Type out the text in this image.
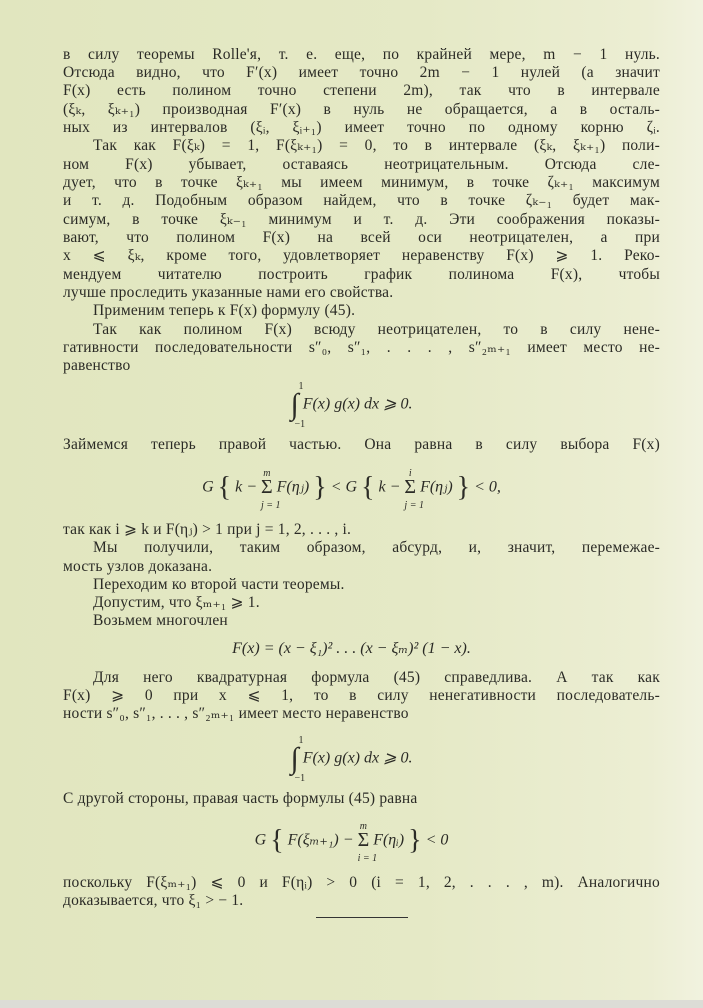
в силу теоремы Rolle'я, т. е. еще, по крайней мере, m − 1 нуль.
Отсюда видно, что F′(x) имеет точно 2m − 1 нулей (а значит
F(x) есть полином точно степени 2m), так что в интервале
(ξₖ, ξₖ₊₁) производная F′(x) в нуль не обращается, а в осталь-
ных из интервалов (ξᵢ, ξᵢ₊₁) имеет точно по одному корню ζᵢ.
Так как F(ξₖ) = 1, F(ξₖ₊₁) = 0, то в интервале (ξₖ, ξₖ₊₁) поли-
ном F(x) убывает, оставаясь неотрицательным. Отсюда сле-
дует, что в точке ξₖ₊₁ мы имеем минимум, в точке ζₖ₊₁ максимум
и т. д. Подобным образом найдем, что в точке ζₖ₋₁ будет мак-
симум, в точке ξₖ₋₁ минимум и т. д. Эти соображения показы-
вают, что полином F(x) на всей оси неотрицателен, а при
x ⩽ ξₖ, кроме того, удовлетворяет неравенству F(x) ⩾ 1. Реко-
мендуем читателю построить график полинома F(x), чтобы
лучше проследить указанные нами его свойства.
Применим теперь к F(x) формулу (45).
Так как полином F(x) всюду неотрицателен, то в силу нене-
гативности последовательности s″₀, s″₁, . . . , s″₂ₘ₊₁ имеет место не-
равенство
∫
1
−1
F(x) g(x) dx ⩾ 0.
Займемся теперь правой частью. Она равна в силу выбора F(x)
G { k − Σ
m
j = 1
F(ηⱼ) } < G { k − Σ
i
j = 1
F(ηⱼ) } < 0,
так как i ⩾ k и F(ηⱼ) > 1 при j = 1, 2, . . . , i.
Мы получили, таким образом, абсурд, и, значит, перемежае-
мость узлов доказана.
Переходим ко второй части теоремы.
Допустим, что ξₘ₊₁ ⩾ 1.
Возьмем многочлен
F(x) = (x − ξ₁)² . . . (x − ξₘ)² (1 − x).
Для него квадратурная формула (45) справедлива. А так как
F(x) ⩾ 0 при x ⩽ 1, то в силу ненегативности последователь-
ности s″₀, s″₁, . . . , s″₂ₘ₊₁ имеет место неравенство
∫
1
−1
F(x) g(x) dx ⩾ 0.
С другой стороны, правая часть формулы (45) равна
G { F(ξₘ₊₁) − Σ
m
i = 1
F(ηᵢ) } < 0
поскольку F(ξₘ₊₁) ⩽ 0 и F(ηᵢ) > 0 (i = 1, 2, . . . , m). Аналогично
доказывается, что ξ₁ > − 1.
